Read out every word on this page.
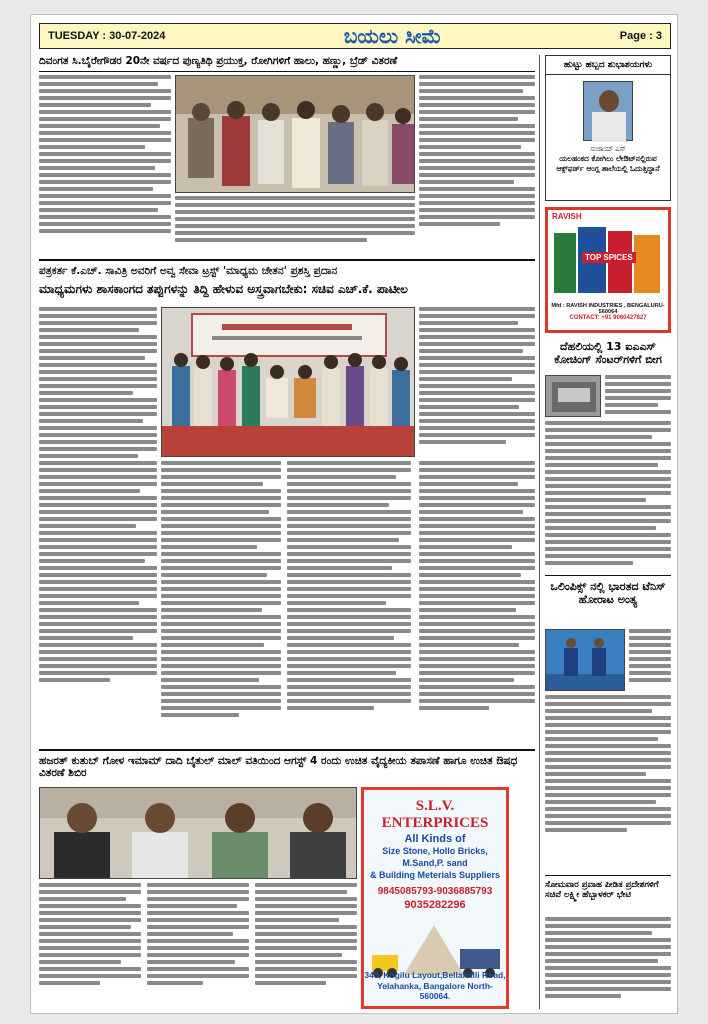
TUESDAY : 30-07-2024	ಬಯಲು ಸೀಮೆ	Page : 3
ದಿವಂಗತ ಸಿ.ಬೈರೇಗೌಡರ 20ನೇ ವರ್ಷದ ಪುಣ್ಯತಿಥಿ ಪ್ರಯುಕ್ತ, ರೋಗಿಗಳಿಗೆ ಹಾಲು, ಹಣ್ಣು, ಬ್ರೆಡ್ ವಿತರಣೆ
ಪತ್ರಕರ್ತ ಕೆ.ಎಚ್. ಸಾವಿತ್ರಿ ಅವರಿಗೆ ಅವ್ವ ಸೇವಾ ಟ್ರಸ್ಟ್ 'ಮಾಧ್ಯಮ ಚೇತನ' ಪ್ರಶಸ್ತಿ ಪ್ರದಾನ
ಮಾಧ್ಯಮಗಳು ಶಾಸಕಾಂಗದ ತಪ್ಪುಗಳನ್ನು ತಿದ್ದಿ ಹೇಳುವ ಅಸ್ತ್ರವಾಗಬೇಕು: ಸಚಿವ ಎಚ್.ಕೆ. ಪಾಟೀಲ
ಹಜರತ್ ಕುತುಬ್ ಗೋಳ ಇಮಾಮ್ ದಾದಿ ಬೈತುಲ್ ಮಾಲ್ ವತಿಯಿಂದ ಆಗಸ್ಟ್ 4 ರಂದು ಉಚಿತ ವೈದ್ಯಕೀಯ ತಪಾಸಣೆ ಹಾಗೂ ಉಚಿತ ಔಷಧ ವಿತರಣೆ ಶಿಬಿರ
S.L.V. ENTERPRICES
All Kinds of
Size Stone, Hollo Bricks, M.Sand,P. sand
& Building Meterials Suppliers
9845085793-9036885793
9035282296
343, Kogilu Layout,Bellahalli Road,
Yelahanka, Bangalore North-560064.
ಹುಟ್ಟು ಹಬ್ಬದ ಶುಭಾಶಯಗಳು
ಸುಜಾಯ್ ಎಸ್
ಯಲಹಂಕದ ಕೋಗಿಲು ಲೇಔಟ್‌ನಲ್ಲಿರುವ
ಆಕ್ಸ್‌ಫರ್ಡ್ ಆಂಗ್ಲ ಶಾಲೆಯಲ್ಲಿ ಓದುತ್ತಿದ್ದಾನೆ
RAVISH
TOP SPICES
Mfd : RAVISH INDUSTRIES , BENGALURU-560064
CONTACT: +91 9060427827
ದೆಹಲಿಯಲ್ಲಿ 13 ಐಎಎಸ್ ಕೋಚಿಂಗ್ ಸೆಂಟರ್‌ಗಳಿಗೆ ಬೀಗ
ಒಲಿಂಪಿಕ್ಸ್ ನಲ್ಲಿ ಭಾರತದ ಟೆನಿಸ್ ಹೋರಾಟ ಅಂತ್ಯ
ಸೋಮವಾರ ಪ್ರವಾಹ ಪೀಡಿತ ಪ್ರದೇಶಗಳಿಗೆ ಸಚಿವೆ ಲಕ್ಷ್ಮೀ ಹೆಬ್ಬಾಳಕರ್ ಭೇಟಿ
